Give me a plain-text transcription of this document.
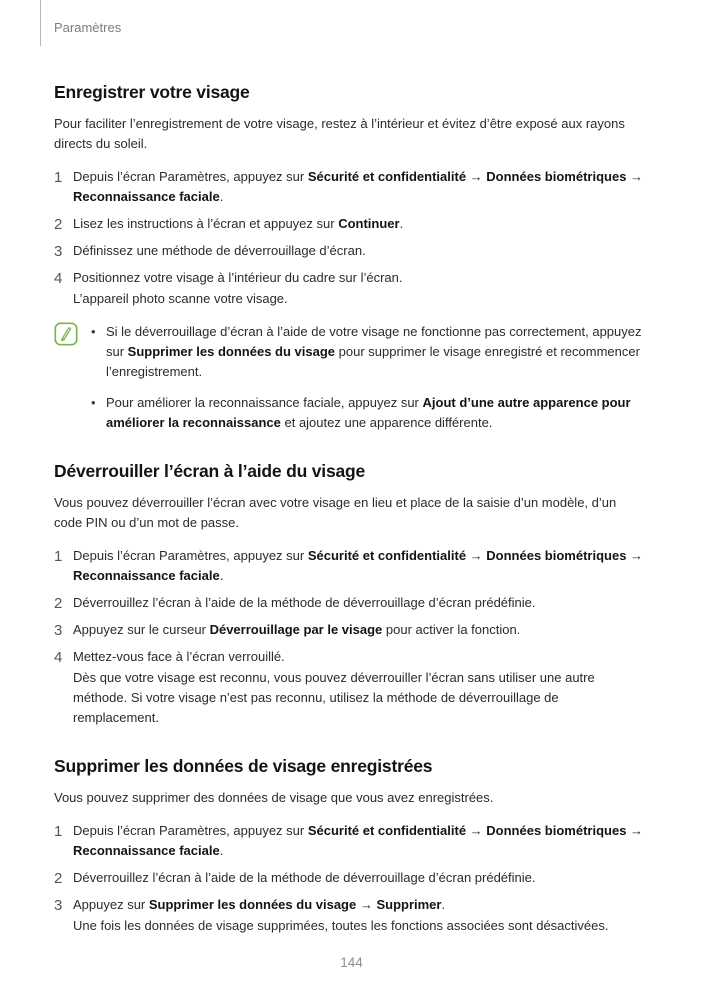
Paramètres
Enregistrer votre visage

Pour faciliter l’enregistrement de votre visage, restez à l’intérieur et évitez d’être exposé aux rayons directs du soleil.

1 Depuis l’écran Paramètres, appuyez sur Sécurité et confidentialité → Données biométriques → Reconnaissance faciale.
2 Lisez les instructions à l’écran et appuyez sur Continuer.
3 Définissez une méthode de déverrouillage d’écran.
4 Positionnez votre visage à l’intérieur du cadre sur l’écran.
L’appareil photo scanne votre visage.
• Si le déverrouillage d’écran à l’aide de votre visage ne fonctionne pas correctement, appuyez sur Supprimer les données du visage pour supprimer le visage enregistré et recommencer l’enregistrement.
• Pour améliorer la reconnaissance faciale, appuyez sur Ajout d’une autre apparence pour améliorer la reconnaissance et ajoutez une apparence différente.
Déverrouiller l’écran à l’aide du visage

Vous pouvez déverrouiller l’écran avec votre visage en lieu et place de la saisie d’un modèle, d’un code PIN ou d’un mot de passe.

1 Depuis l’écran Paramètres, appuyez sur Sécurité et confidentialité → Données biométriques → Reconnaissance faciale.
2 Déverrouillez l’écran à l’aide de la méthode de déverrouillage d’écran prédéfinie.
3 Appuyez sur le curseur Déverrouillage par le visage pour activer la fonction.
4 Mettez-vous face à l’écran verrouillé.
Dès que votre visage est reconnu, vous pouvez déverrouiller l’écran sans utiliser une autre méthode. Si votre visage n’est pas reconnu, utilisez la méthode de déverrouillage de remplacement.
Supprimer les données de visage enregistrées

Vous pouvez supprimer des données de visage que vous avez enregistrées.

1 Depuis l’écran Paramètres, appuyez sur Sécurité et confidentialité → Données biométriques → Reconnaissance faciale.
2 Déverrouillez l’écran à l’aide de la méthode de déverrouillage d’écran prédéfinie.
3 Appuyez sur Supprimer les données du visage → Supprimer.
Une fois les données de visage supprimées, toutes les fonctions associées sont désactivées.
144
